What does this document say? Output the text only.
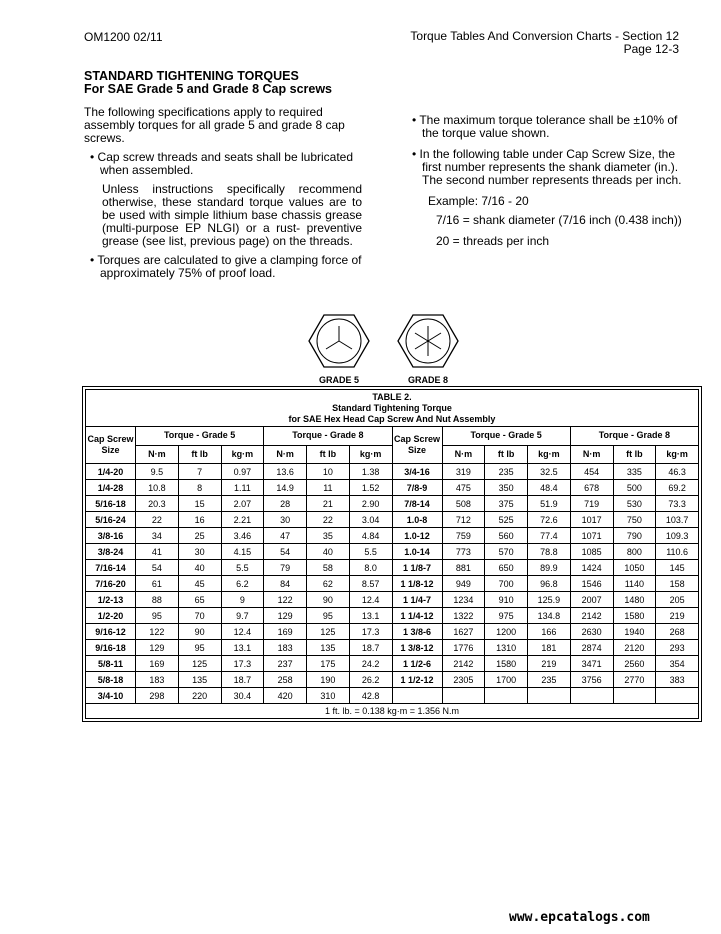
OM1200 02/11	Torque Tables And Conversion Charts - Section 12
Page 12-3
STANDARD TIGHTENING TORQUES
For SAE Grade 5 and Grade 8 Cap screws

The following specifications apply to required assembly torques for all grade 5 and grade 8 cap screws.

• Cap screw threads and seats shall be lubricated when assembled.

Unless instructions specifically recommend otherwise, these standard torque values are to be used with simple lithium base chassis grease (multi-purpose EP NLGI) or a rust- preventive grease (see list, previous page) on the threads.

• Torques are calculated to give a clamping force of approximately 75% of proof load.

• The maximum torque tolerance shall be ±10% of the torque value shown.

• In the following table under Cap Screw Size, the first number represents the shank diameter (in.). The second number represents threads per inch.

Example: 7/16 - 20

7/16 = shank diameter (7/16 inch (0.438 inch))

20 = threads per inch

GRADE 5	GRADE 8
TABLE 2.
Standard Tightening Torque
for SAE Hex Head Cap Screw And Nut Assembly
Cap Screw Size	Torque - Grade 5			Torque - Grade 8			Cap Screw Size	Torque - Grade 5			Torque - Grade 8		
	N·m	ft lb	kg·m	N·m	ft lb	kg·m		N·m	ft lb	kg·m	N·m	ft lb	kg·m
1/4-20	9.5	7	0.97	13.6	10	1.38	3/4-16	319	235	32.5	454	335	46.3
1/4-28	10.8	8	1.11	14.9	11	1.52	7/8-9	475	350	48.4	678	500	69.2
5/16-18	20.3	15	2.07	28	21	2.90	7/8-14	508	375	51.9	719	530	73.3
5/16-24	22	16	2.21	30	22	3.04	1.0-8	712	525	72.6	1017	750	103.7
3/8-16	34	25	3.46	47	35	4.84	1.0-12	759	560	77.4	1071	790	109.3
3/8-24	41	30	4.15	54	40	5.5	1.0-14	773	570	78.8	1085	800	110.6
7/16-14	54	40	5.5	79	58	8.0	1 1/8-7	881	650	89.9	1424	1050	145
7/16-20	61	45	6.2	84	62	8.57	1 1/8-12	949	700	96.8	1546	1140	158
1/2-13	88	65	9	122	90	12.4	1 1/4-7	1234	910	125.9	2007	1480	205
1/2-20	95	70	9.7	129	95	13.1	1 1/4-12	1322	975	134.8	2142	1580	219
9/16-12	122	90	12.4	169	125	17.3	1 3/8-6	1627	1200	166	2630	1940	268
9/16-18	129	95	13.1	183	135	18.7	1 3/8-12	1776	1310	181	2874	2120	293
5/8-11	169	125	17.3	237	175	24.2	1 1/2-6	2142	1580	219	3471	2560	354
5/8-18	183	135	18.7	258	190	26.2	1 1/2-12	2305	1700	235	3756	2770	383
3/4-10	298	220	30.4	420	310	42.8							
1 ft. lb. = 0.138 kg·m = 1.356 N.m
www.epcatalogs.com
